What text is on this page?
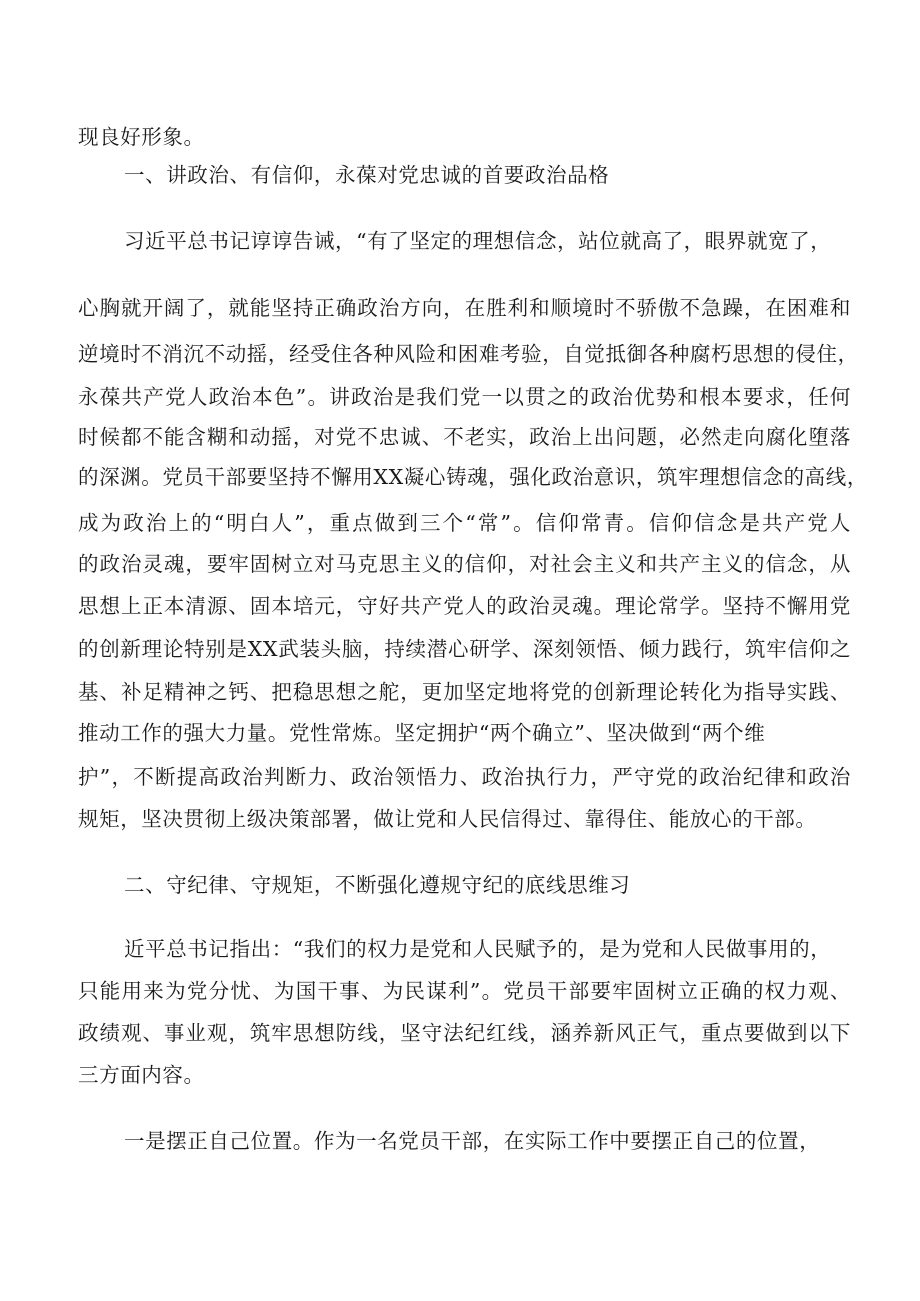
现良好形象。
一、讲政治、有信仰，永葆对党忠诚的首要政治品格
习近平总书记谆谆告诫，“有了坚定的理想信念，站位就高了，眼界就宽了，
心胸就开阔了，就能坚持正确政治方向，在胜利和顺境时不骄傲不急躁，在困难和
逆境时不消沉不动摇，经受住各种风险和困难考验，自觉抵御各种腐朽思想的侵住，
永葆共产党人政治本色”。讲政治是我们党一以贯之的政治优势和根本要求，任何
时候都不能含糊和动摇，对党不忠诚、不老实，政治上出问题，必然走向腐化堕落
的深渊。党员干部要坚持不懈用XX凝心铸魂，强化政治意识，筑牢理想信念的高线，
成为政治上的“明白人”，重点做到三个“常”。信仰常青。信仰信念是共产党人
的政治灵魂，要牢固树立对马克思主义的信仰，对社会主义和共产主义的信念，从
思想上正本清源、固本培元，守好共产党人的政治灵魂。理论常学。坚持不懈用党
的创新理论特别是XX武装头脑，持续潜心研学、深刻领悟、倾力践行，筑牢信仰之
基、补足精神之钙、把稳思想之舵，更加坚定地将党的创新理论转化为指导实践、
推动工作的强大力量。党性常炼。坚定拥护“两个确立”、坚决做到“两个维
护”，不断提高政治判断力、政治领悟力、政治执行力，严守党的政治纪律和政治
规矩，坚决贯彻上级决策部署，做让党和人民信得过、靠得住、能放心的干部。
二、守纪律、守规矩，不断强化遵规守纪的底线思维习
近平总书记指出：“我们的权力是党和人民赋予的，是为党和人民做事用的，
只能用来为党分忧、为国干事、为民谋利”。党员干部要牢固树立正确的权力观、
政绩观、事业观，筑牢思想防线，坚守法纪红线，涵养新风正气，重点要做到以下
三方面内容。
一是摆正自己位置。作为一名党员干部，在实际工作中要摆正自己的位置，
